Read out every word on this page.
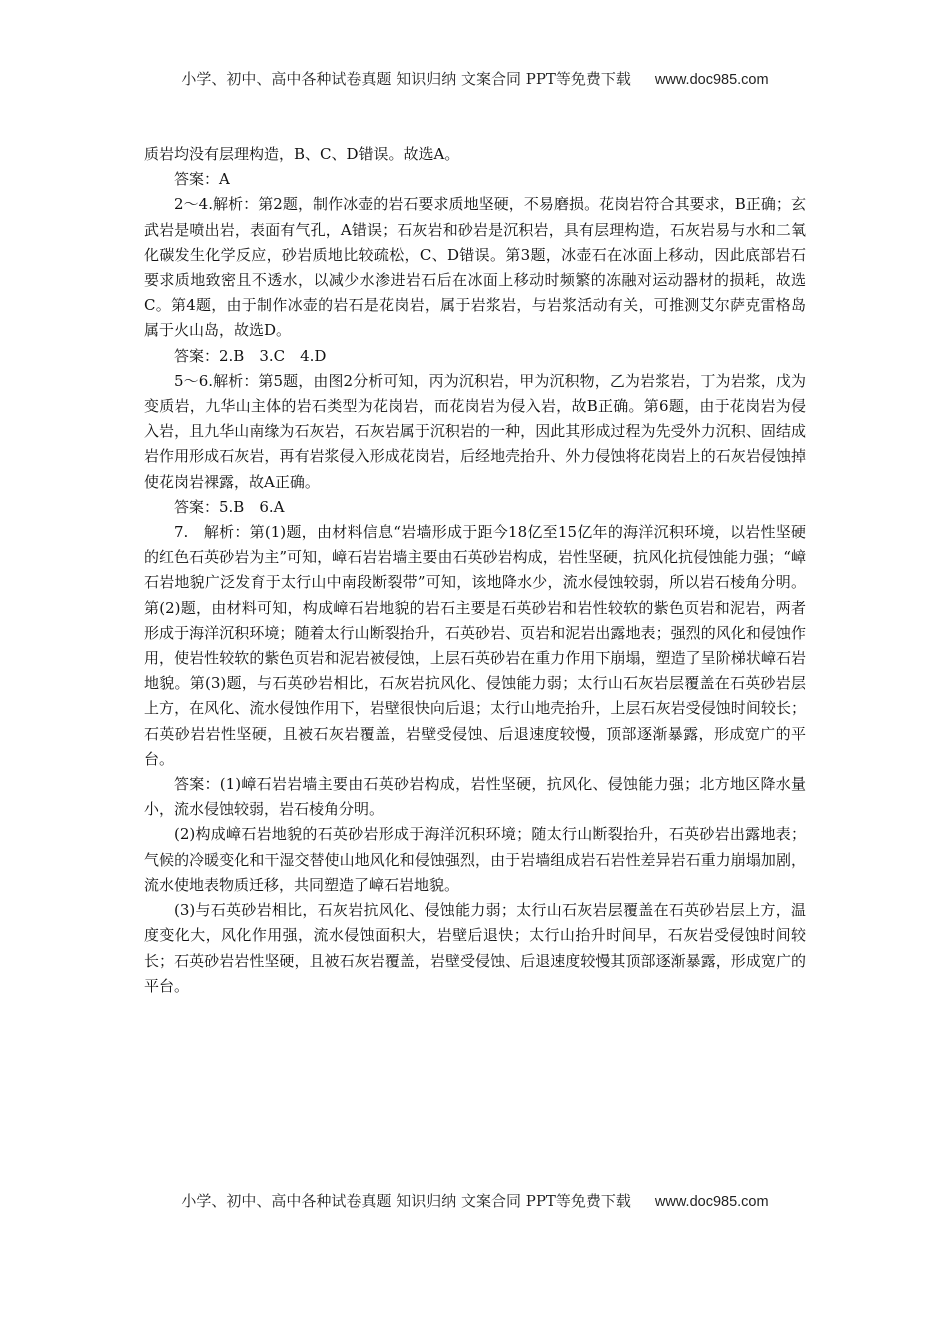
小学、初中、高中各种试卷真题 知识归纳 文案合同 PPT等免费下载 www.doc985.com

质岩均没有层理构造，B、C、D错误。故选A。

答案：A

2～4.解析：第2题，制作冰壶的岩石要求质地坚硬，不易磨损。花岗岩符合其要求，B正确；玄武岩是喷出岩，表面有气孔，A错误；石灰岩和砂岩是沉积岩，具有层理构造，石灰岩易与水和二氧化碳发生化学反应，砂岩质地比较疏松，C、D错误。第3题，冰壶石在冰面上移动，因此底部岩石要求质地致密且不透水，以减少水渗进岩石后在冰面上移动时频繁的冻融对运动器材的损耗，故选C。第4题，由于制作冰壶的岩石是花岗岩，属于岩浆岩，与岩浆活动有关，可推测艾尔萨克雷格岛属于火山岛，故选D。

答案：2.B　3.C　4.D

5～6.解析：第5题，由图2分析可知，丙为沉积岩，甲为沉积物，乙为岩浆岩，丁为岩浆，戊为变质岩，九华山主体的岩石类型为花岗岩，而花岗岩为侵入岩，故B正确。第6题，由于花岗岩为侵入岩，且九华山南缘为石灰岩，石灰岩属于沉积岩的一种，因此其形成过程为先受外力沉积、固结成岩作用形成石灰岩，再有岩浆侵入形成花岗岩，后经地壳抬升、外力侵蚀将花岗岩上的石灰岩侵蚀掉使花岗岩裸露，故A正确。

答案：5.B　6.A

7.　解析：第(1)题，由材料信息“岩墙形成于距今18亿至15亿年的海洋沉积环境，以岩性坚硬的红色石英砂岩为主”可知，嶂石岩岩墙主要由石英砂岩构成，岩性坚硬，抗风化抗侵蚀能力强；“嶂石岩地貌广泛发育于太行山中南段断裂带”可知，该地降水少，流水侵蚀较弱，所以岩石棱角分明。第(2)题，由材料可知，构成嶂石岩地貌的岩石主要是石英砂岩和岩性较软的紫色页岩和泥岩，两者形成于海洋沉积环境；随着太行山断裂抬升，石英砂岩、页岩和泥岩出露地表；强烈的风化和侵蚀作用，使岩性较软的紫色页岩和泥岩被侵蚀，上层石英砂岩在重力作用下崩塌，塑造了呈阶梯状嶂石岩地貌。第(3)题，与石英砂岩相比，石灰岩抗风化、侵蚀能力弱；太行山石灰岩层覆盖在石英砂岩层上方，在风化、流水侵蚀作用下，岩壁很快向后退；太行山地壳抬升，上层石灰岩受侵蚀时间较长；石英砂岩岩性坚硬，且被石灰岩覆盖，岩壁受侵蚀、后退速度较慢，顶部逐渐暴露，形成宽广的平台。

答案：(1)嶂石岩岩墙主要由石英砂岩构成，岩性坚硬，抗风化、侵蚀能力强；北方地区降水量小，流水侵蚀较弱，岩石棱角分明。

(2)构成嶂石岩地貌的石英砂岩形成于海洋沉积环境；随太行山断裂抬升，石英砂岩出露地表；气候的冷暖变化和干湿交替使山地风化和侵蚀强烈，由于岩墙组成岩石岩性差异岩石重力崩塌加剧，流水使地表物质迁移，共同塑造了嶂石岩地貌。

(3)与石英砂岩相比，石灰岩抗风化、侵蚀能力弱；太行山石灰岩层覆盖在石英砂岩层上方，温度变化大，风化作用强，流水侵蚀面积大，岩壁后退快；太行山抬升时间早，石灰岩受侵蚀时间较长；石英砂岩岩性坚硬，且被石灰岩覆盖，岩壁受侵蚀、后退速度较慢其顶部逐渐暴露，形成宽广的平台。

小学、初中、高中各种试卷真题 知识归纳 文案合同 PPT等免费下载 www.doc985.com
